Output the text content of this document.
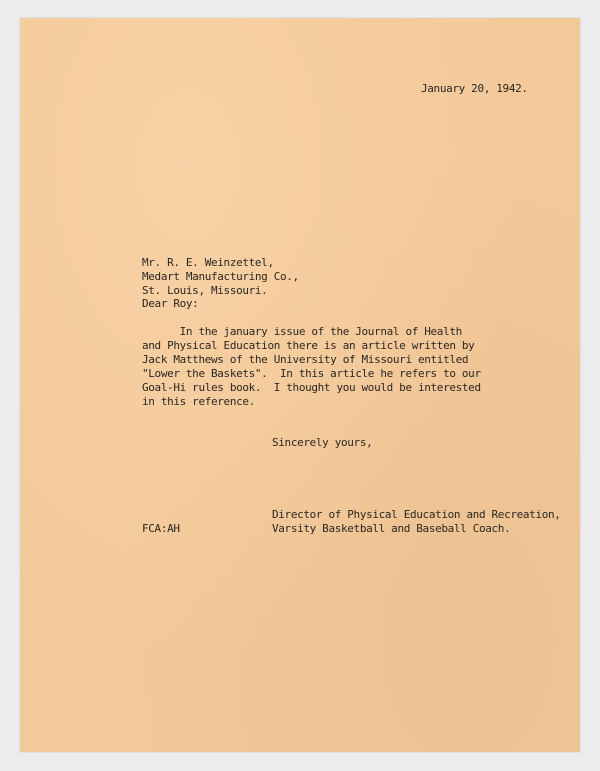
January 20, 1942.
Mr. R. E. Weinzettel,
Medart Manufacturing Co.,
St. Louis, Missouri.
Dear Roy:
In the january issue of the Journal of Health
and Physical Education there is an article written by
Jack Matthews of the University of Missouri entitled
"Lower the Baskets".  In this article he refers to our
Goal-Hi rules book.  I thought you would be interested
in this reference.
Sincerely yours,
Director of Physical Education and Recreation,
Varsity Basketball and Baseball Coach.
FCA:AH
